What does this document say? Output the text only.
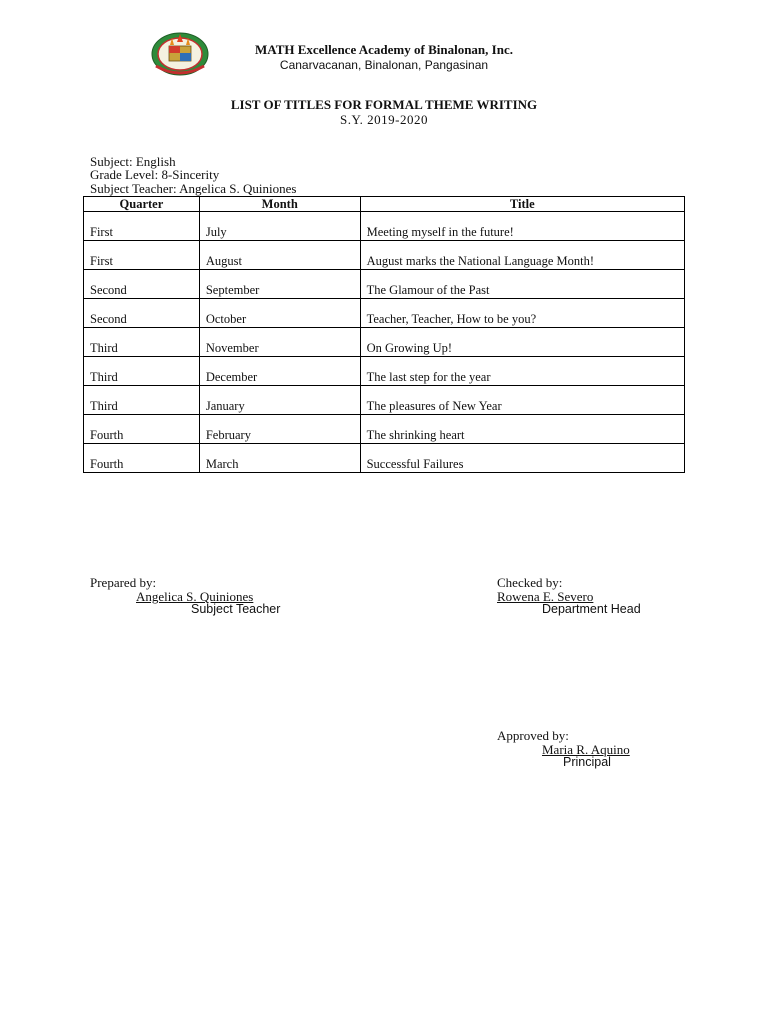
MATH Excellence Academy of Binalonan, Inc.
Canarvacanan, Binalonan, Pangasinan
LIST OF TITLES FOR FORMAL THEME WRITING
S.Y. 2019-2020
Subject: English
Grade Level: 8-Sincerity
Subject Teacher: Angelica S. Quiniones
Quarter	Month	Title
First	July	Meeting myself in the future!
First	August	August marks the National Language Month!
Second	September	The Glamour of the Past
Second	October	Teacher, Teacher, How to be you?
Third	November	On Growing Up!
Third	December	The last step for the year
Third	January	The pleasures of New Year
Fourth	February	The shrinking heart
Fourth	March	Successful Failures
Prepared by:
Angelica S. Quiniones
Subject Teacher
Checked by:
Rowena E. Severo
Department Head
Approved by:
Maria R. Aquino
Principal
